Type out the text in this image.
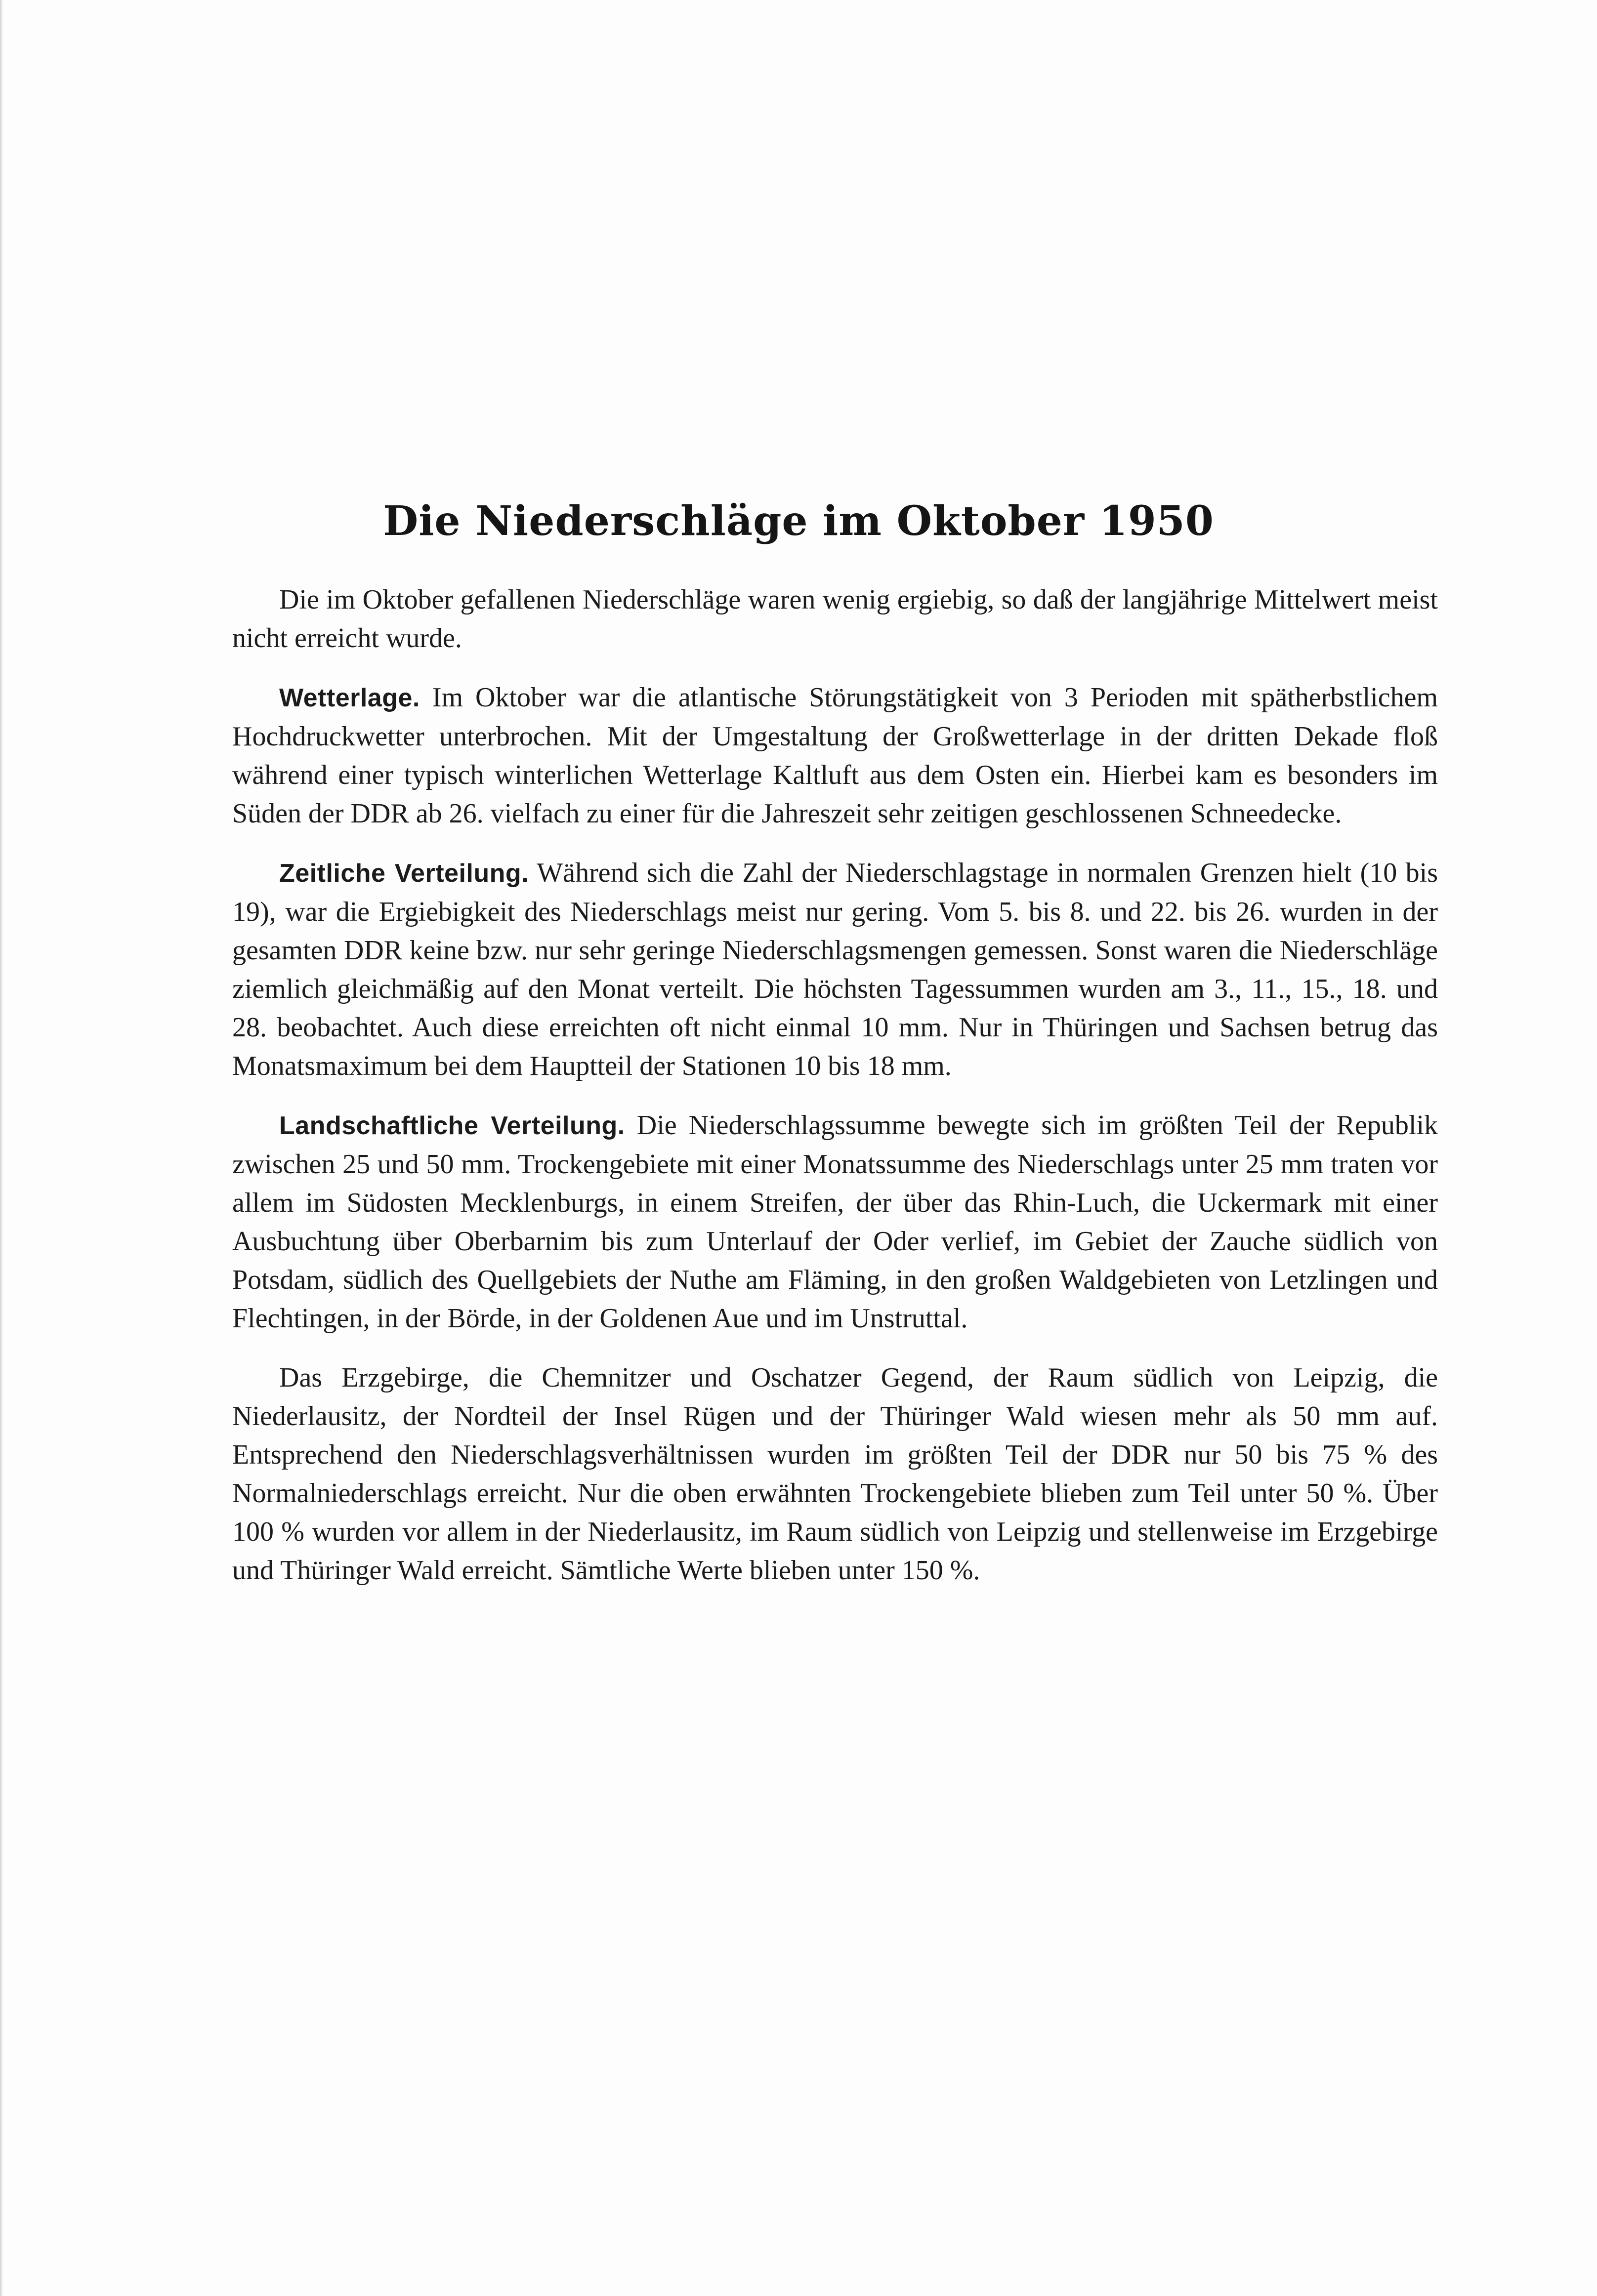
Die Niederschläge im Oktober 1950

Die im Oktober gefallenen Niederschläge waren wenig ergiebig, so daß der langjährige Mittelwert meist nicht erreicht wurde.

Wetterlage. Im Oktober war die atlantische Störungstätigkeit von 3 Perioden mit spätherbstlichem Hochdruckwetter unterbrochen. Mit der Umgestaltung der Großwetterlage in der dritten Dekade floß während einer typisch winterlichen Wetterlage Kaltluft aus dem Osten ein. Hierbei kam es besonders im Süden der DDR ab 26. vielfach zu einer für die Jahreszeit sehr zeitigen geschlossenen Schneedecke.

Zeitliche Verteilung. Während sich die Zahl der Niederschlagstage in normalen Grenzen hielt (10 bis 19), war die Ergiebigkeit des Niederschlags meist nur gering. Vom 5. bis 8. und 22. bis 26. wurden in der gesamten DDR keine bzw. nur sehr geringe Niederschlagsmengen gemessen. Sonst waren die Niederschläge ziemlich gleichmäßig auf den Monat verteilt. Die höchsten Tagessummen wurden am 3., 11., 15., 18. und 28. beobachtet. Auch diese erreichten oft nicht einmal 10 mm. Nur in Thüringen und Sachsen betrug das Monatsmaximum bei dem Hauptteil der Stationen 10 bis 18 mm.

Landschaftliche Verteilung. Die Niederschlagssumme bewegte sich im größten Teil der Republik zwischen 25 und 50 mm. Trockengebiete mit einer Monatssumme des Niederschlags unter 25 mm traten vor allem im Südosten Mecklenburgs, in einem Streifen, der über das Rhin-Luch, die Uckermark mit einer Ausbuchtung über Oberbarnim bis zum Unterlauf der Oder verlief, im Gebiet der Zauche südlich von Potsdam, südlich des Quellgebiets der Nuthe am Fläming, in den großen Waldgebieten von Letzlingen und Flechtingen, in der Börde, in der Goldenen Aue und im Unstruttal.

Das Erzgebirge, die Chemnitzer und Oschatzer Gegend, der Raum südlich von Leipzig, die Niederlausitz, der Nordteil der Insel Rügen und der Thüringer Wald wiesen mehr als 50 mm auf. Entsprechend den Niederschlagsverhältnissen wurden im größten Teil der DDR nur 50 bis 75 % des Normalniederschlags erreicht. Nur die oben erwähnten Trockengebiete blieben zum Teil unter 50 %. Über 100 % wurden vor allem in der Niederlausitz, im Raum südlich von Leipzig und stellenweise im Erzgebirge und Thüringer Wald erreicht. Sämtliche Werte blieben unter 150 %.
